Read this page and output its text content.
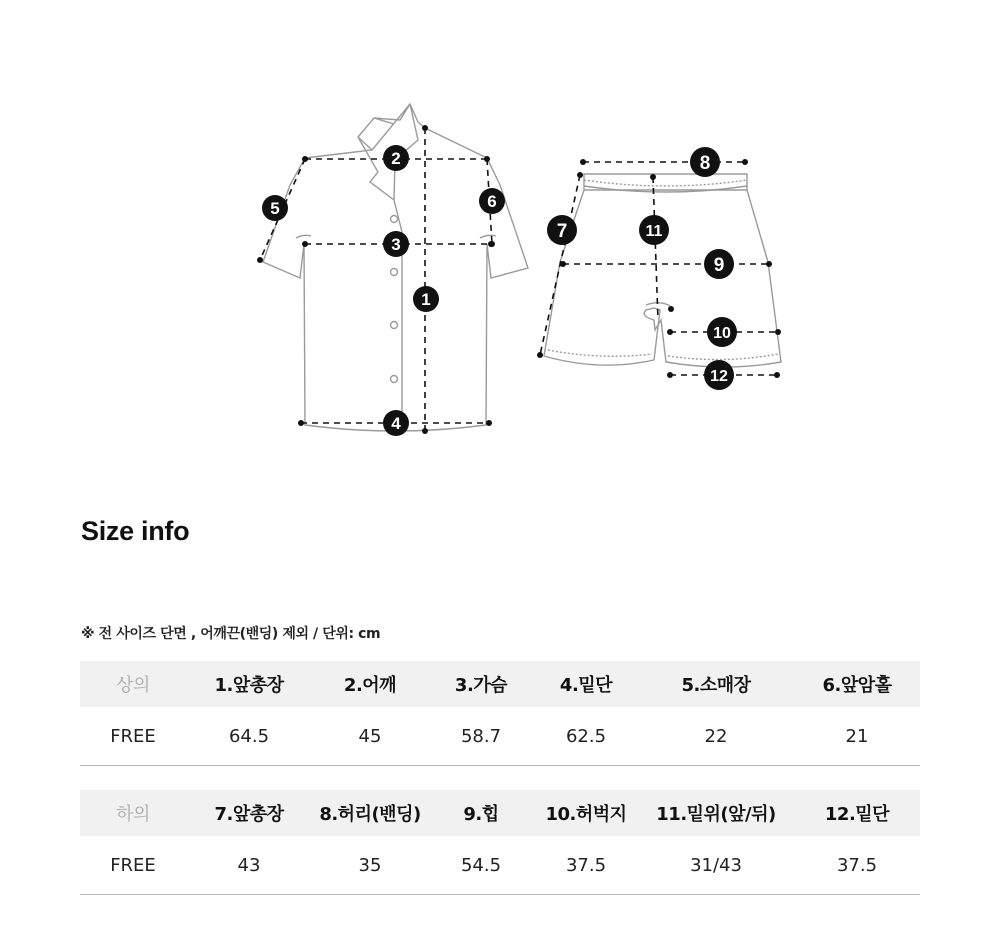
1
2
3
4
5	6
7
8
9
10
11
12
Size info
※ 전 사이즈 단면 , 어깨끈(밴딩) 제외 / 단위: cm
상의	1.앞총장	2.어깨	3.가슴	4.밑단	5.소매장	6.앞암홀
FREE	64.5	45	58.7	62.5	22	21
하의	7.앞총장	8.허리(밴딩)	9.힙	10.허벅지	11.밑위(앞/뒤)	12.밑단
FREE	43	35	54.5	37.5	31/43	37.5
